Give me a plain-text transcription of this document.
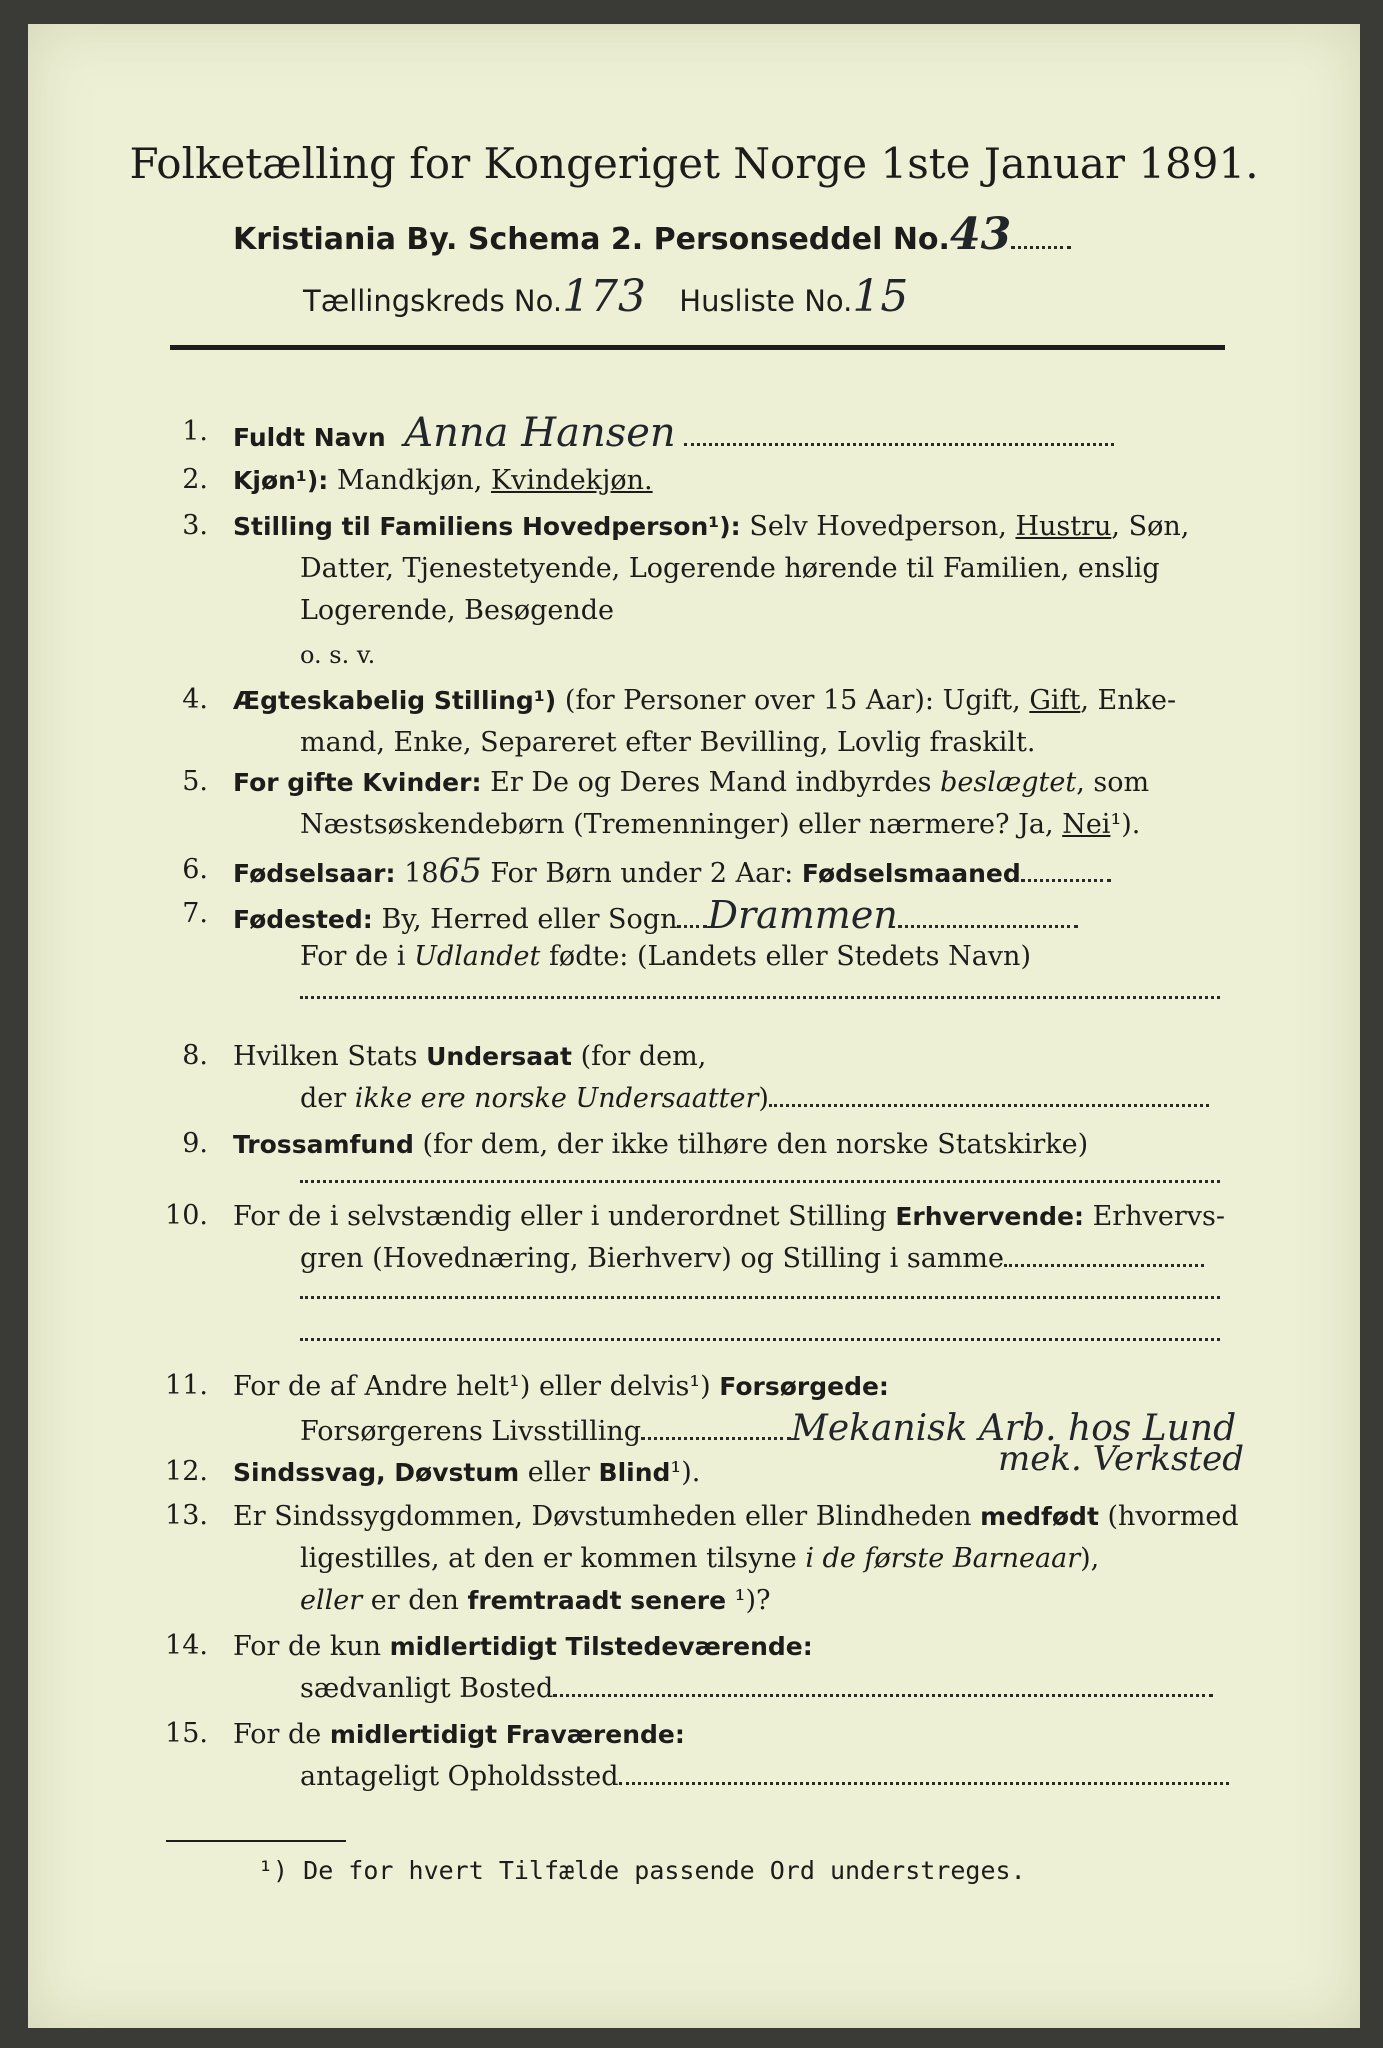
Folketælling for Kongeriget Norge 1ste Januar 1891.
Kristiania By. Schema 2. Personseddel No.43
Tællingskreds No.173 Husliste No.15
1. Fuldt Navn Anna Hansen
2. Kjøn¹): Mandkjøn, Kvindekjøn.
3. Stilling til Familiens Hovedperson¹): Selv Hovedperson, Hustru, Søn,
Datter, Tjenestetyende, Logerende hørende til Familien, enslig
Logerende, Besøgende
o. s. v.
4. Ægteskabelig Stilling¹) (for Personer over 15 Aar): Ugift, Gift, Enke-
mand, Enke, Separeret efter Bevilling, Lovlig fraskilt.
5. For gifte Kvinder: Er De og Deres Mand indbyrdes beslægtet, som
Næstsøskendebørn (Tremenninger) eller nærmere? Ja, Nei¹).
6. Fødselsaar: 1865 For Børn under 2 Aar: Fødselsmaaned
7. Fødested: By, Herred eller Sogn Drammen
For de i Udlandet fødte: (Landets eller Stedets Navn)
8. Hvilken Stats Undersaat (for dem,
der ikke ere norske Undersaatter)
9. Trossamfund (for dem, der ikke tilhøre den norske Statskirke)
10. For de i selvstændig eller i underordnet Stilling Erhvervende: Erhvervs-
gren (Hovednæring, Bierhverv) og Stilling i samme
11. For de af Andre helt¹) eller delvis¹) Forsørgede:
Forsørgerens Livsstilling	Mekanisk Arb. hos Lund
12. Sindssvag, Døvstum eller Blind¹).	mek. Verksted
13. Er Sindssygdommen, Døvstumheden eller Blindheden medfødt (hvormed
ligestilles, at den er kommen tilsyne i de første Barneaar),
eller er den fremtraadt senere ¹)?
14. For de kun midlertidigt Tilstedeværende:
sædvanligt Bosted
15. For de midlertidigt Fraværende:
antageligt Opholdssted
¹) De for hvert Tilfælde passende Ord understreges.
